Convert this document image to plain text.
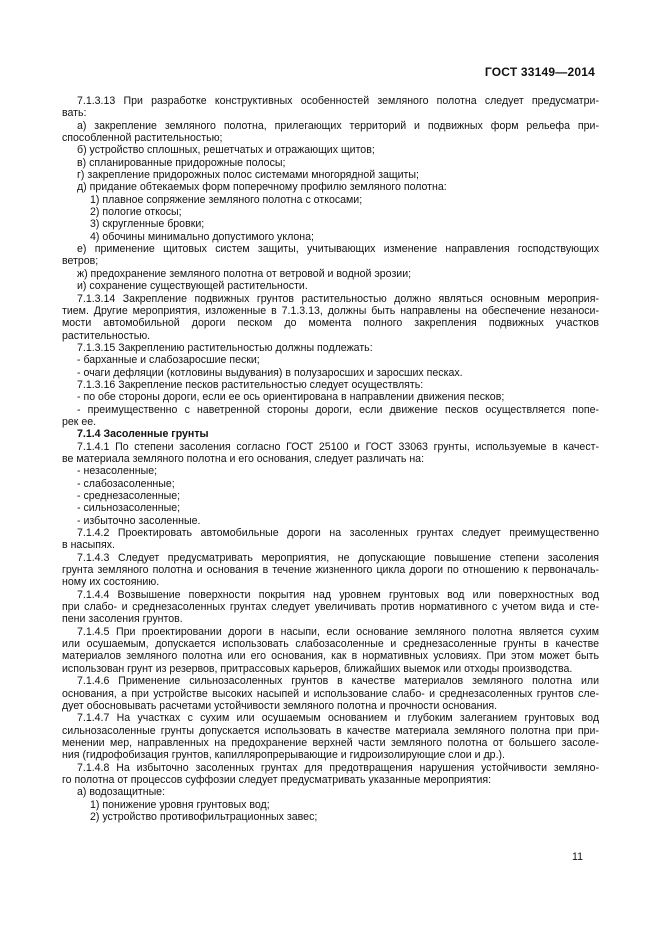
ГОСТ 33149—2014
7.1.3.13 При разработке конструктивных особенностей земляного полотна следует предусматри-
вать:
а) закрепление земляного полотна, прилегающих территорий и подвижных форм рельефа при-
способленной растительностью;
б) устройство сплошных, решетчатых и отражающих щитов;
в) спланированные придорожные полосы;
г) закрепление придорожных полос системами многорядной защиты;
д) придание обтекаемых форм поперечному профилю земляного полотна:
1) плавное сопряжение земляного полотна с откосами;
2) пологие откосы;
3) скругленные бровки;
4) обочины минимально допустимого уклона;
е) применение щитовых систем защиты, учитывающих изменение направления господствующих
ветров;
ж) предохранение земляного полотна от ветровой и водной эрозии;
и) сохранение существующей растительности.
7.1.3.14 Закрепление подвижных грунтов растительностью должно являться основным мероприя-
тием. Другие мероприятия, изложенные в 7.1.3.13, должны быть направлены на обеспечение незаноси-
мости автомобильной дороги песком до момента полного закрепления подвижных участков
растительностью.
7.1.3.15 Закреплению растительностью должны подлежать:
- барханные и слабозаросшие пески;
- очаги дефляции (котловины выдувания) в полузаросших и заросших песках.
7.1.3.16 Закрепление песков растительностью следует осуществлять:
- по обе стороны дороги, если ее ось ориентирована в направлении движения песков;
- преимущественно с наветренной стороны дороги, если движение песков осуществляется попе-
рек ее.
7.1.4 Засоленные грунты
7.1.4.1 По степени засоления согласно ГОСТ 25100 и ГОСТ 33063 грунты, используемые в качест-
ве материала земляного полотна и его основания, следует различать на:
- незасоленные;
- слабозасоленные;
- среднезасоленные;
- сильнозасоленные;
- избыточно засоленные.
7.1.4.2 Проектировать автомобильные дороги на засоленных грунтах следует преимущественно
в насыпях.
7.1.4.3 Следует предусматривать мероприятия, не допускающие повышение степени засоления
грунта земляного полотна и основания в течение жизненного цикла дороги по отношению к первоначаль-
ному их состоянию.
7.1.4.4 Возвышение поверхности покрытия над уровнем грунтовых вод или поверхностных вод
при слабо- и среднезасоленных грунтах следует увеличивать против нормативного с учетом вида и сте-
пени засоления грунтов.
7.1.4.5 При проектировании дороги в насыпи, если основание земляного полотна является сухим
или осушаемым, допускается использовать слабозасоленные и среднезасоленные грунты в качестве
материалов земляного полотна или его основания, как в нормативных условиях. При этом может быть
использован грунт из резервов, притрассовых карьеров, ближайших выемок или отходы производства.
7.1.4.6 Применение сильнозасоленных грунтов в качестве материалов земляного полотна или
основания, а при устройстве высоких насыпей и использование слабо- и среднезасоленных грунтов сле-
дует обосновывать расчетами устойчивости земляного полотна и прочности основания.
7.1.4.7 На участках с сухим или осушаемым основанием и глубоким залеганием грунтовых вод
сильнозасоленные грунты допускается использовать в качестве материала земляного полотна при при-
менении мер, направленных на предохранение верхней части земляного полотна от большего засоле-
ния (гидрофобизация грунтов, капилляропрерывающие и гидроизолирующие слои и др.).
7.1.4.8 На избыточно засоленных грунтах для предотвращения нарушения устойчивости земляно-
го полотна от процессов суффозии следует предусматривать указанные мероприятия:
а) водозащитные:
1) понижение уровня грунтовых вод;
2) устройство противофильтрационных завес;
11
